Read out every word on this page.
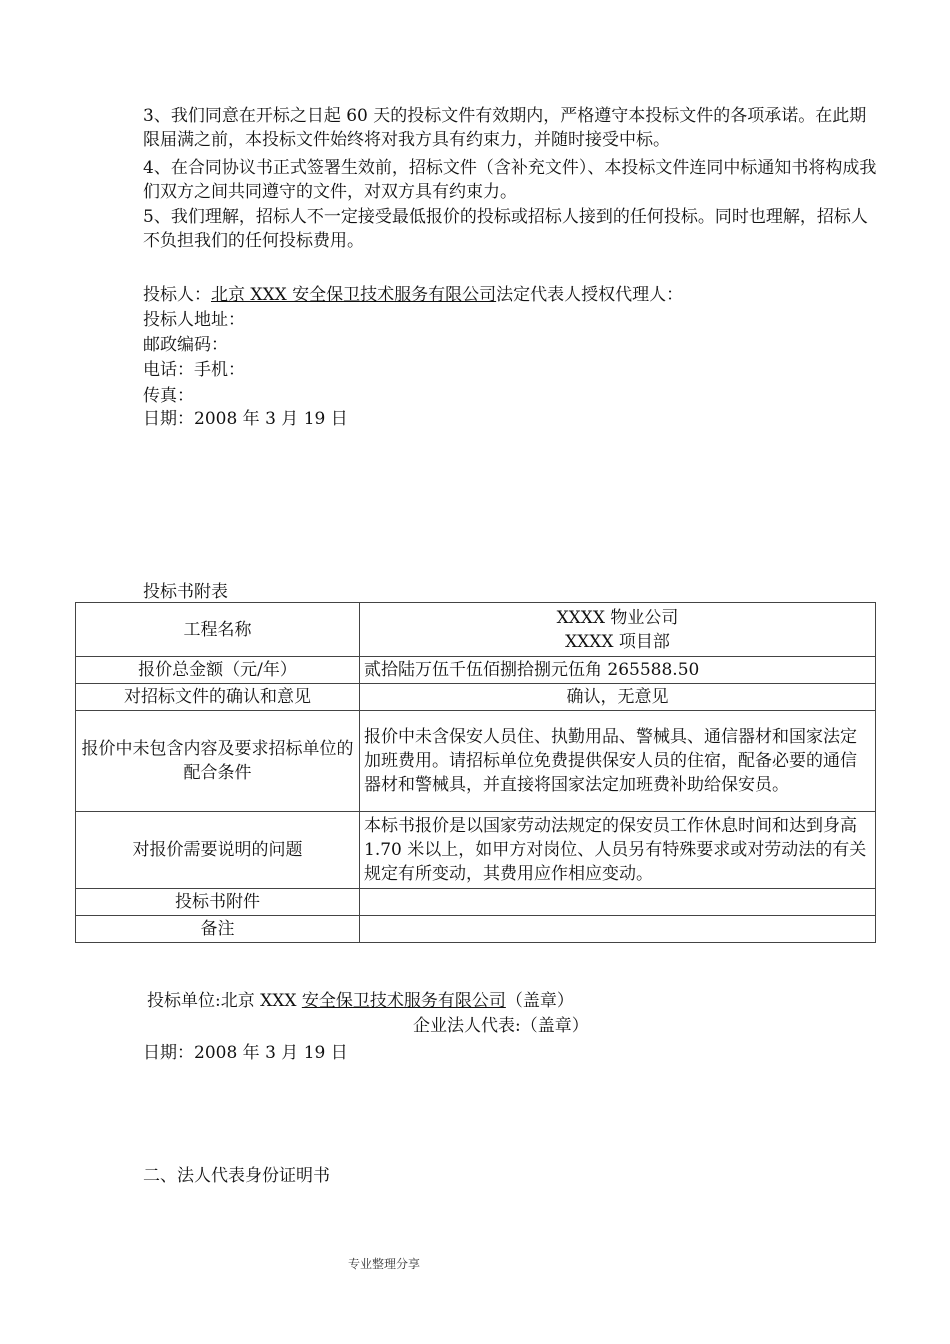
3、我们同意在开标之日起 60 天的投标文件有效期内，严格遵守本投标文件的各项承诺。在此期限届满之前，本投标文件始终将对我方具有约束力，并随时接受中标。

4、在合同协议书正式签署生效前，招标文件（含补充文件）、本投标文件连同中标通知书将构成我们双方之间共同遵守的文件，对双方具有约束力。

5、我们理解，招标人不一定接受最低报价的投标或招标人接到的任何投标。同时也理解，招标人不负担我们的任何投标费用。

投标人：北京 XXX 安全保卫技术服务有限公司法定代表人授权代理人：
投标人地址：
邮政编码：
电话：手机：
传真：
日期：2008 年 3 月 19 日
投标书附表
工程名称	XXXX 物业公司
XXXX 项目部

报价总金额（元/年）	贰拾陆万伍千伍佰捌拾捌元伍角 265588.50
对招标文件的确认和意见	确认，无意见
报价中未包含内容及要求招标单位的配合条件	报价中未含保安人员住、执勤用品、警械具、通信器材和国家法定加班费用。请招标单位免费提供保安人员的住宿，配备必要的通信器材和警械具，并直接将国家法定加班费补助给保安员。
对报价需要说明的问题	本标书报价是以国家劳动法规定的保安员工作休息时间和达到身高 1.70 米以上，如甲方对岗位、人员另有特殊要求或对劳动法的有关规定有所变动，其费用应作相应变动。
投标书附件	
备注	
投标单位:北京 XXX 安全保卫技术服务有限公司（盖章）
企业法人代表:（盖章）
日期：2008 年 3 月 19 日
二、法人代表身份证明书
专业整理分享
